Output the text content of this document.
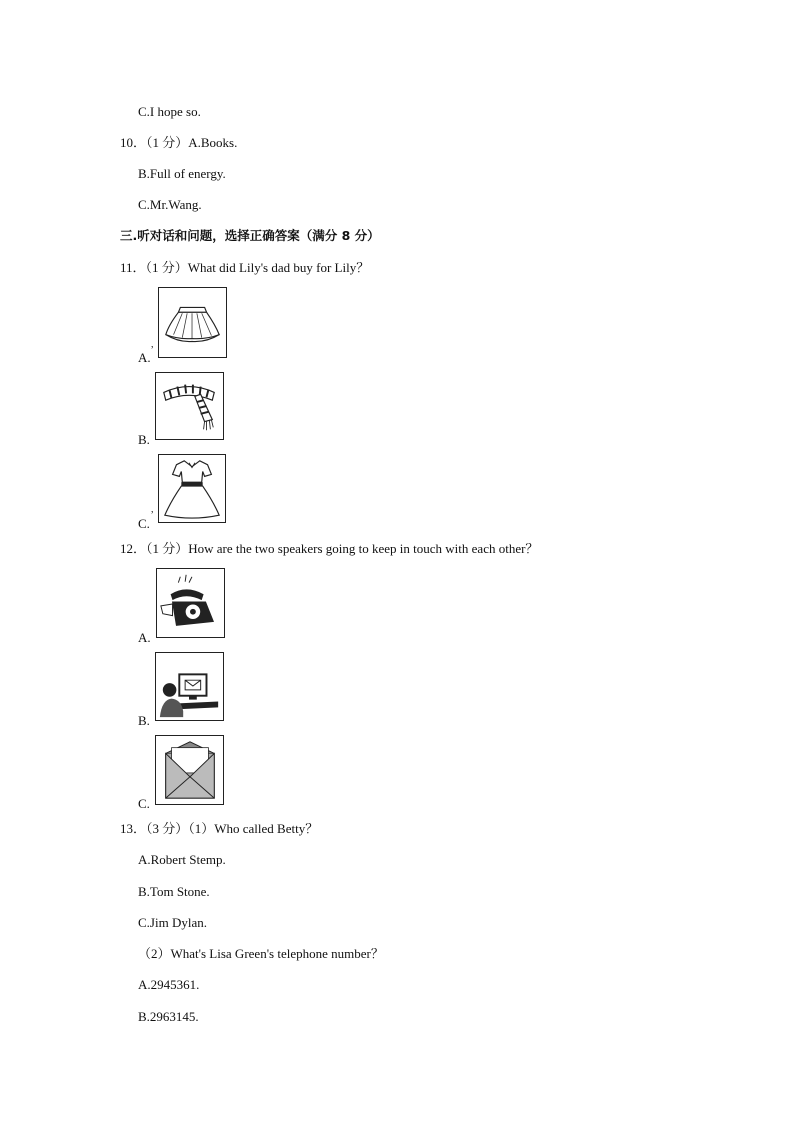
C.I hope so.
10．（1 分）A.Books.
B.Full of energy.
C.Mr.Wang.
三.听对话和问题，选择正确答案（满分 8 分）
11．（1 分）What did Lily's dad buy for Lily？
,
A.
B.
,
C.
12．（1 分）How are the two speakers going to keep in touch with each other？
A.
B.
C.
13．（3 分）（1）Who called Betty？
A.Robert Stemp.
B.Tom Stone.
C.Jim Dylan.
（2）What's Lisa Green's telephone number？
A.2945361.
B.2963145.
